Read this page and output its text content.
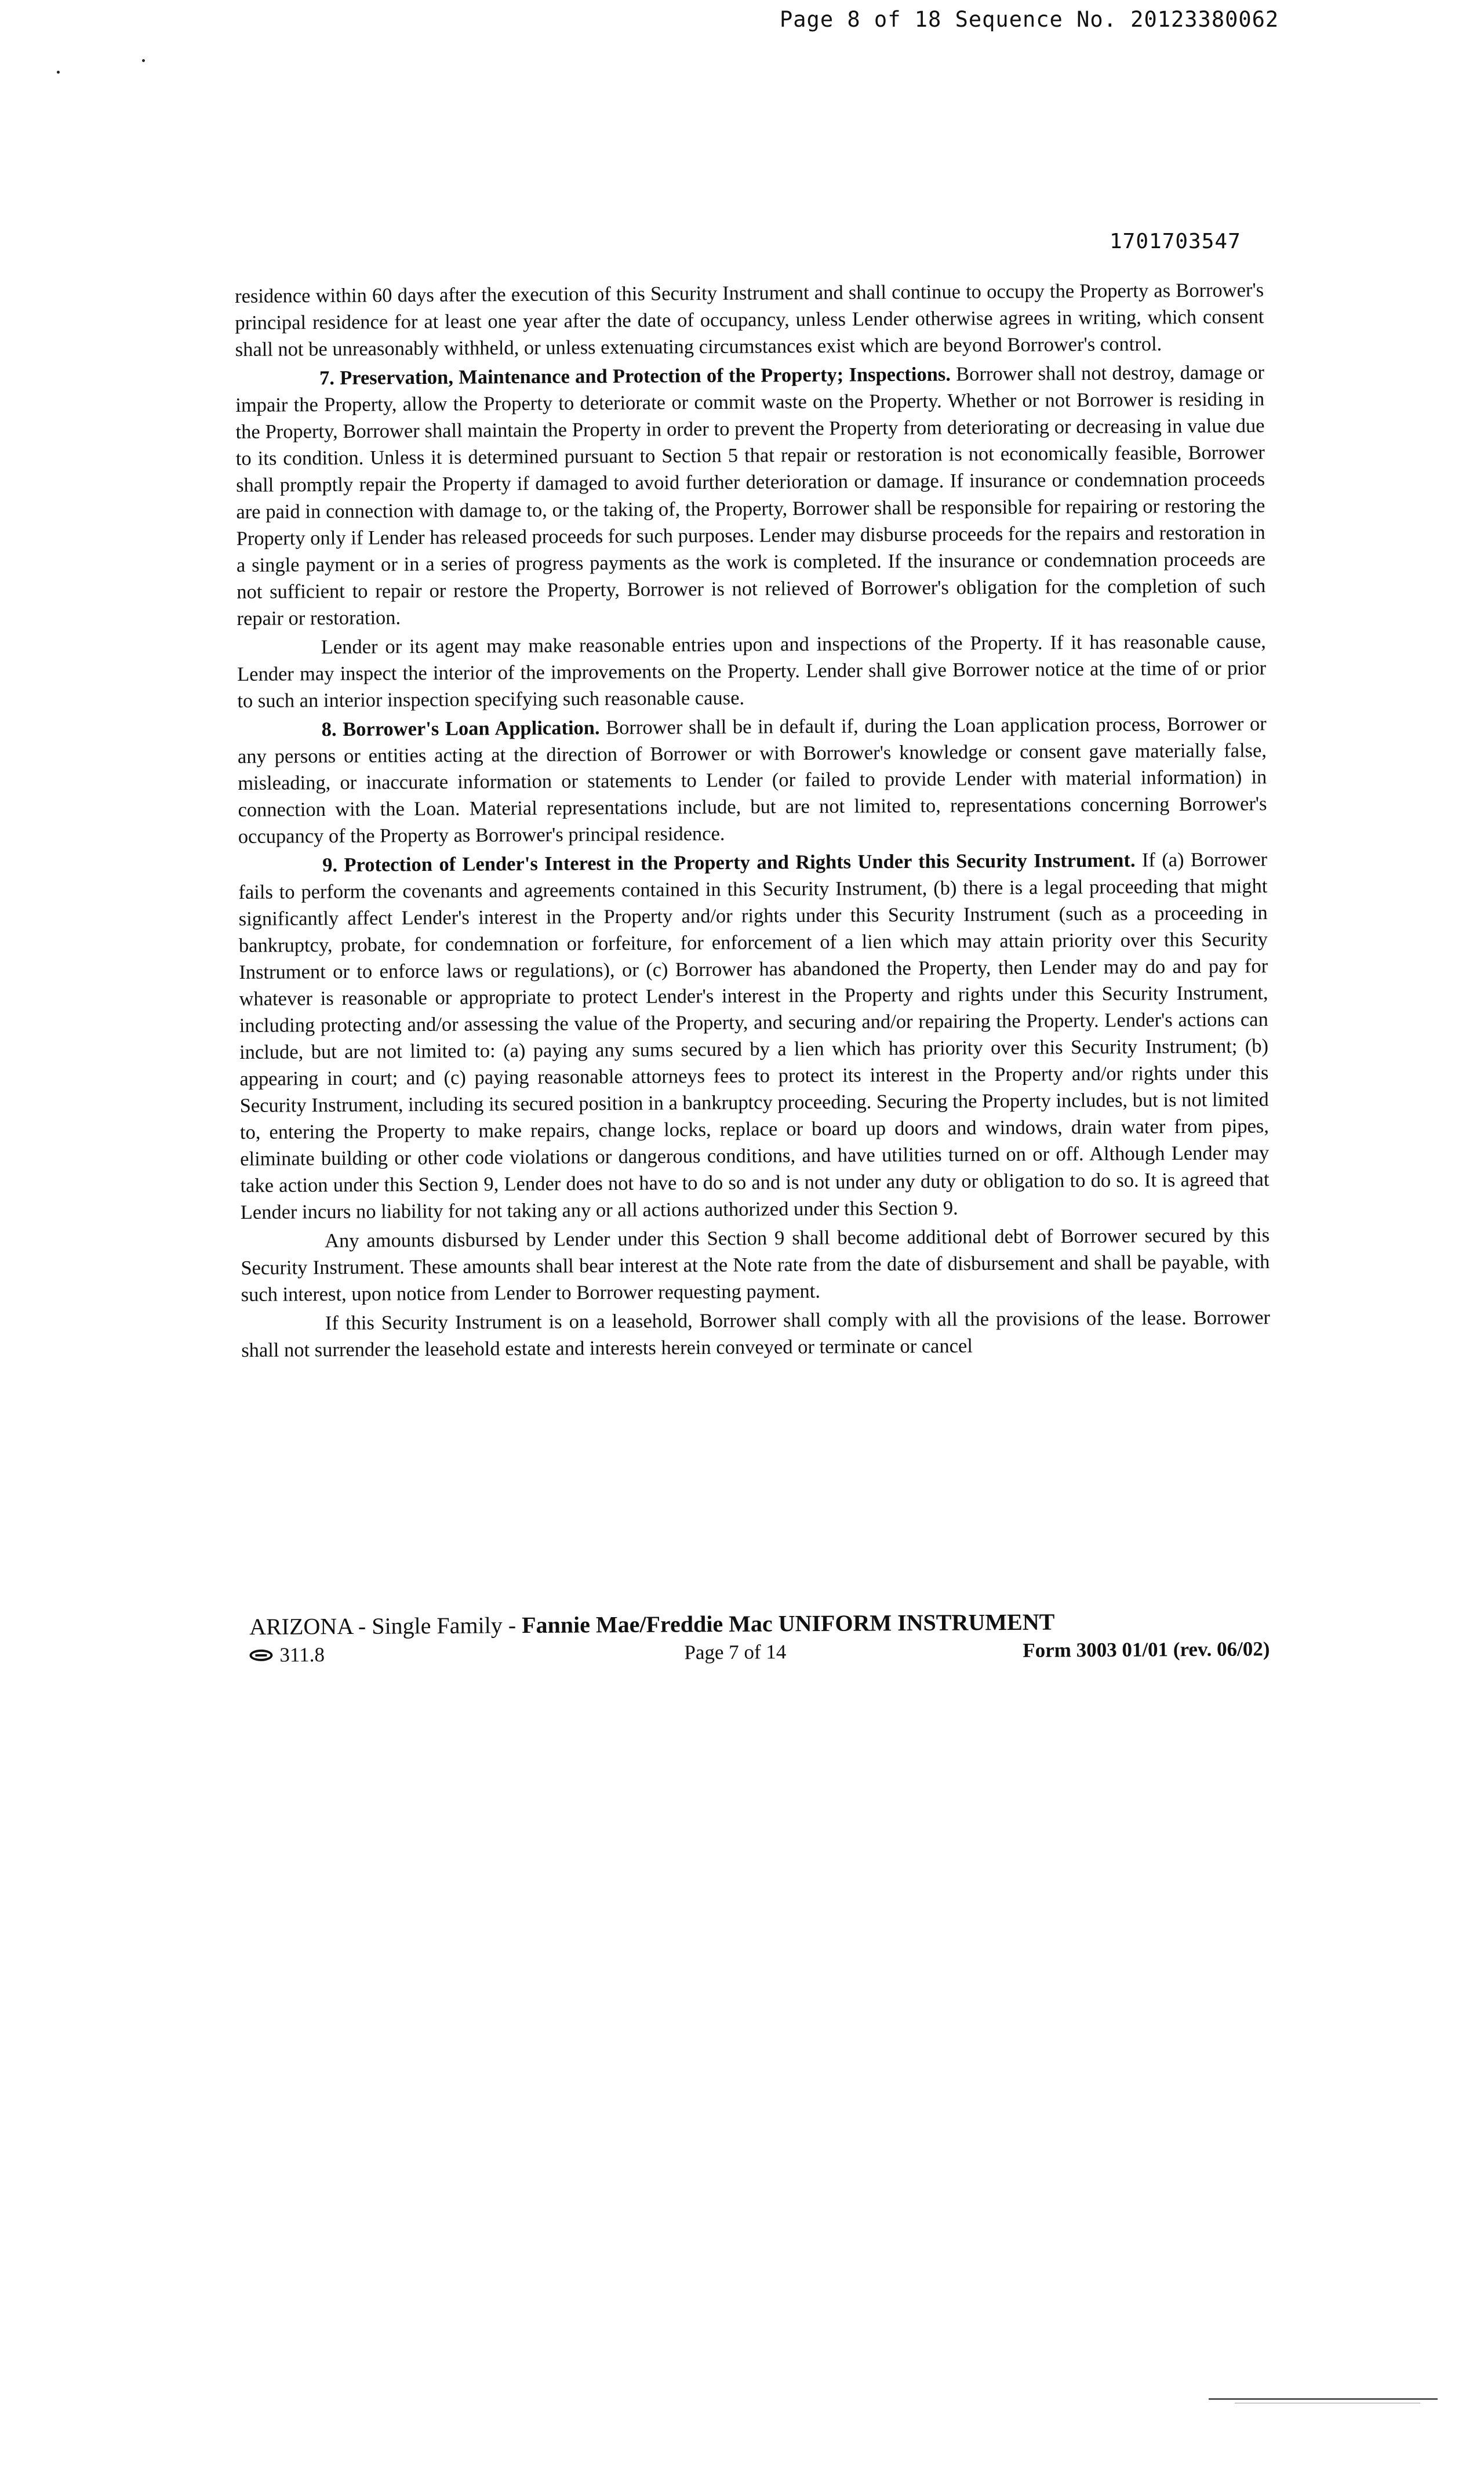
Page 8 of 18 Sequence No. 20123380062
1701703547

residence within 60 days after the execution of this Security Instrument and shall continue to occupy the Property as Borrower's principal residence for at least one year after the date of occupancy, unless Lender otherwise agrees in writing, which consent shall not be unreasonably withheld, or unless extenuating circumstances exist which are beyond Borrower's control.

7. Preservation, Maintenance and Protection of the Property; Inspections. Borrower shall not destroy, damage or impair the Property, allow the Property to deteriorate or commit waste on the Property. Whether or not Borrower is residing in the Property, Borrower shall maintain the Property in order to prevent the Property from deteriorating or decreasing in value due to its condition. Unless it is determined pursuant to Section 5 that repair or restoration is not economically feasible, Borrower shall promptly repair the Property if damaged to avoid further deterioration or damage. If insurance or condemnation proceeds are paid in connection with damage to, or the taking of, the Property, Borrower shall be responsible for repairing or restoring the Property only if Lender has released proceeds for such purposes. Lender may disburse proceeds for the repairs and restoration in a single payment or in a series of progress payments as the work is completed. If the insurance or condemnation proceeds are not sufficient to repair or restore the Property, Borrower is not relieved of Borrower's obligation for the completion of such repair or restoration.

Lender or its agent may make reasonable entries upon and inspections of the Property. If it has reasonable cause, Lender may inspect the interior of the improvements on the Property. Lender shall give Borrower notice at the time of or prior to such an interior inspection specifying such reasonable cause.

8. Borrower's Loan Application. Borrower shall be in default if, during the Loan application process, Borrower or any persons or entities acting at the direction of Borrower or with Borrower's knowledge or consent gave materially false, misleading, or inaccurate information or statements to Lender (or failed to provide Lender with material information) in connection with the Loan. Material representations include, but are not limited to, representations concerning Borrower's occupancy of the Property as Borrower's principal residence.

9. Protection of Lender's Interest in the Property and Rights Under this Security Instrument. If (a) Borrower fails to perform the covenants and agreements contained in this Security Instrument, (b) there is a legal proceeding that might significantly affect Lender's interest in the Property and/or rights under this Security Instrument (such as a proceeding in bankruptcy, probate, for condemnation or forfeiture, for enforcement of a lien which may attain priority over this Security Instrument or to enforce laws or regulations), or (c) Borrower has abandoned the Property, then Lender may do and pay for whatever is reasonable or appropriate to protect Lender's interest in the Property and rights under this Security Instrument, including protecting and/or assessing the value of the Property, and securing and/or repairing the Property. Lender's actions can include, but are not limited to: (a) paying any sums secured by a lien which has priority over this Security Instrument; (b) appearing in court; and (c) paying reasonable attorneys fees to protect its interest in the Property and/or rights under this Security Instrument, including its secured position in a bankruptcy proceeding. Securing the Property includes, but is not limited to, entering the Property to make repairs, change locks, replace or board up doors and windows, drain water from pipes, eliminate building or other code violations or dangerous conditions, and have utilities turned on or off. Although Lender may take action under this Section 9, Lender does not have to do so and is not under any duty or obligation to do so. It is agreed that Lender incurs no liability for not taking any or all actions authorized under this Section 9.

Any amounts disbursed by Lender under this Section 9 shall become additional debt of Borrower secured by this Security Instrument. These amounts shall bear interest at the Note rate from the date of disbursement and shall be payable, with such interest, upon notice from Lender to Borrower requesting payment.

If this Security Instrument is on a leasehold, Borrower shall comply with all the provisions of the lease. Borrower shall not surrender the leasehold estate and interests herein conveyed or terminate or cancel

ARIZONA - Single Family - Fannie Mae/Freddie Mac UNIFORM INSTRUMENT
311.8	Page 7 of 14	Form 3003 01/01 (rev. 06/02)
